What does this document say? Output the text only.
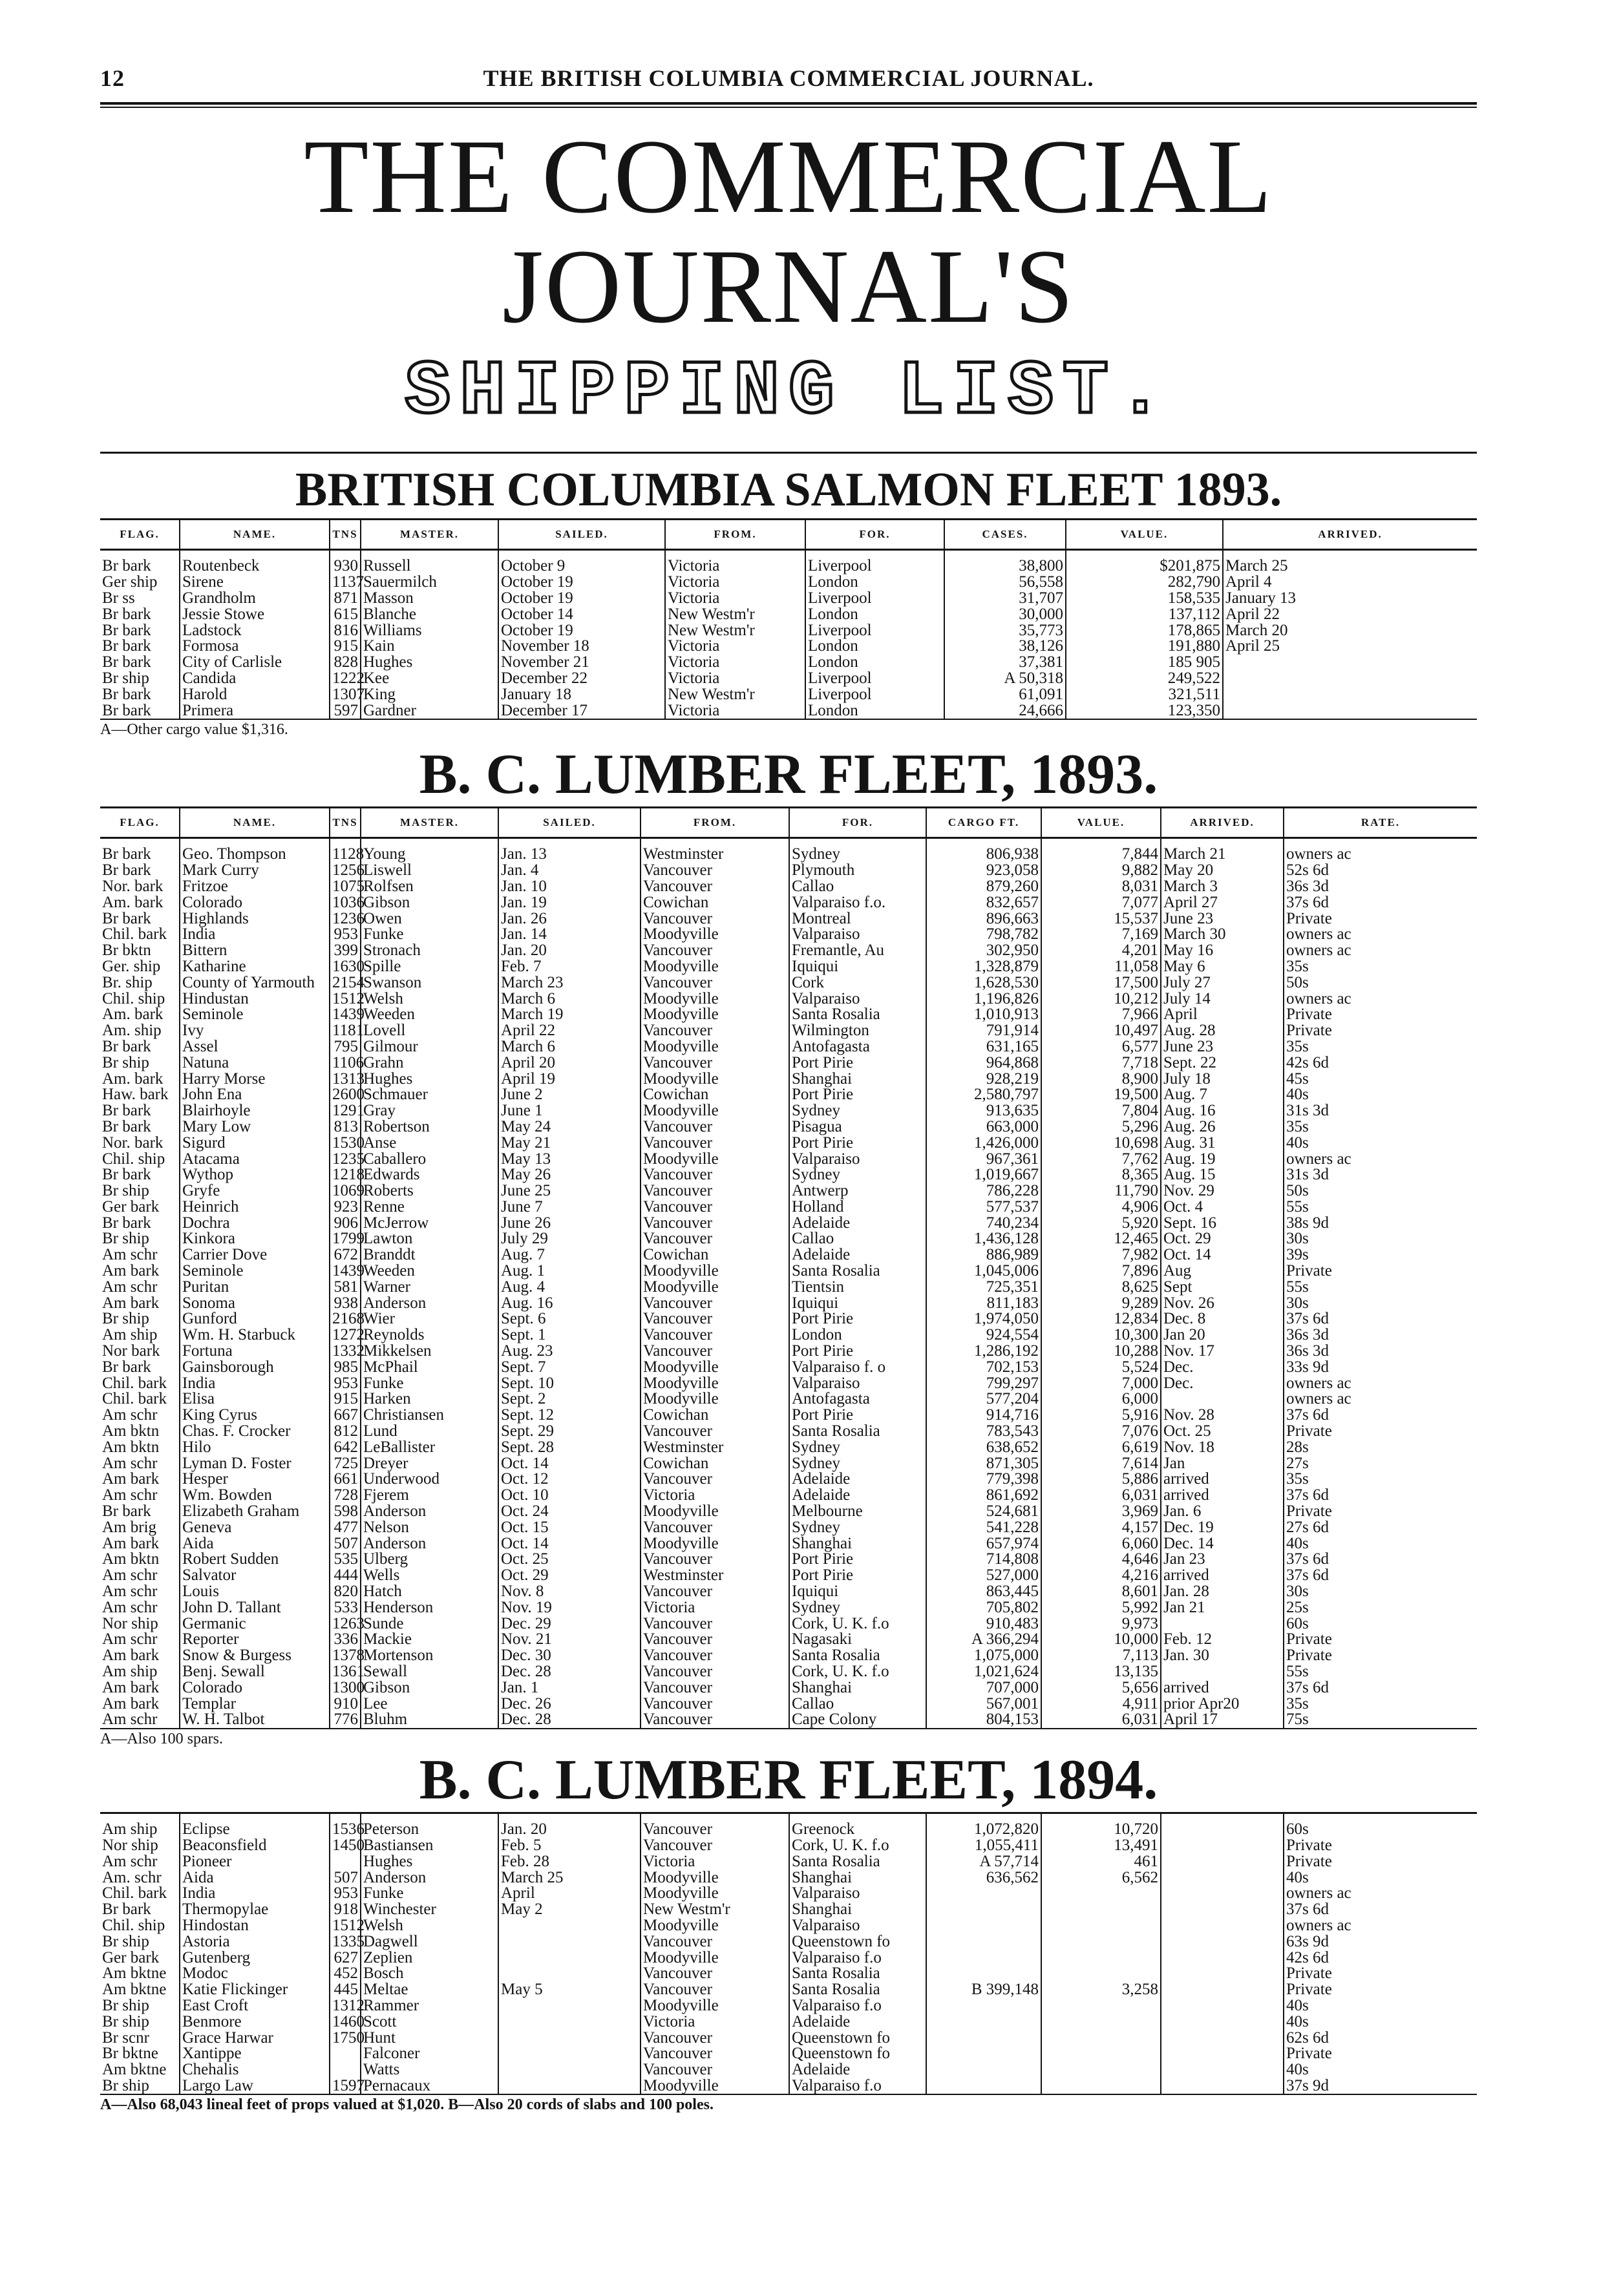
12	THE BRITISH COLUMBIA COMMERCIAL JOURNAL.
THE COMMERCIAL JOURNAL'S
SHIPPING LIST.
BRITISH COLUMBIA SALMON FLEET 1893.
FLAG.	NAME.	TNS	MASTER.	SAILED.	FROM.	FOR.	CASES.	VALUE.	ARRIVED.
Br bark	Routenbeck	930	Russell	October 9	Victoria	Liverpool	38,800	$201,875	March 25
Ger ship	Sirene	1137	Sauermilch	October 19	Victoria	London	56,558	282,790	April 4
Br ss	Grandholm	871	Masson	October 19	Victoria	Liverpool	31,707	158,535	January 13
Br bark	Jessie Stowe	615	Blanche	October 14	New Westm'r	London	30,000	137,112	April 22
Br bark	Ladstock	816	Williams	October 19	New Westm'r	Liverpool	35,773	178,865	March 20
Br bark	Formosa	915	Kain	November 18	Victoria	London	38,126	191,880	April 25
Br bark	City of Carlisle	828	Hughes	November 21	Victoria	London	37,381	185 905	
Br ship	Candida	1222	Kee	December 22	Victoria	Liverpool	A 50,318	249,522	
Br bark	Harold	1307	King	January 18	New Westm'r	Liverpool	61,091	321,511	
Br bark	Primera	597	Gardner	December 17	Victoria	London	24,666	123,350	
A—Other cargo value $1,316.
B. C. LUMBER FLEET, 1893.
FLAG.	NAME.	TNS	MASTER.	SAILED.	FROM.	FOR.	CARGO FT.	VALUE.	ARRIVED.	RATE.
Br bark	Geo. Thompson	1128	Young	Jan. 13	Westminster	Sydney	806,938	7,844	March 21	owners ac
Br bark	Mark Curry	1256	Liswell	Jan. 4	Vancouver	Plymouth	923,058	9,882	May 20	52s 6d
Nor. bark	Fritzoe	1075	Rolfsen	Jan. 10	Vancouver	Callao	879,260	8,031	March 3	36s 3d
Am. bark	Colorado	1036	Gibson	Jan. 19	Cowichan	Valparaiso f.o.	832,657	7,077	April 27	37s 6d
Br bark	Highlands	1236	Owen	Jan. 26	Vancouver	Montreal	896,663	15,537	June 23	Private
Chil. bark	India	953	Funke	Jan. 14	Moodyville	Valparaiso	798,782	7,169	March 30	owners ac
Br bktn	Bittern	399	Stronach	Jan. 20	Vancouver	Fremantle, Au	302,950	4,201	May 16	owners ac
Ger. ship	Katharine	1630	Spille	Feb. 7	Moodyville	Iquiqui	1,328,879	11,058	May 6	35s
Br. ship	County of Yarmouth	2154	Swanson	March 23	Vancouver	Cork	1,628,530	17,500	July 27	50s
Chil. ship	Hindustan	1512	Welsh	March 6	Moodyville	Valparaiso	1,196,826	10,212	July 14	owners ac
Am. bark	Seminole	1439	Weeden	March 19	Moodyville	Santa Rosalia	1,010,913	7,966	April	Private
Am. ship	Ivy	1181	Lovell	April 22	Vancouver	Wilmington	791,914	10,497	Aug. 28	Private
Br bark	Assel	795	Gilmour	March 6	Moodyville	Antofagasta	631,165	6,577	June 23	35s
Br ship	Natuna	1106	Grahn	April 20	Vancouver	Port Pirie	964,868	7,718	Sept. 22	42s 6d
Am. bark	Harry Morse	1313	Hughes	April 19	Moodyville	Shanghai	928,219	8,900	July 18	45s
Haw. bark	John Ena	2600	Schmauer	June 2	Cowichan	Port Pirie	2,580,797	19,500	Aug. 7	40s
Br bark	Blairhoyle	1291	Gray	June 1	Moodyville	Sydney	913,635	7,804	Aug. 16	31s 3d
Br bark	Mary Low	813	Robertson	May 24	Vancouver	Pisagua	663,000	5,296	Aug. 26	35s
Nor. bark	Sigurd	1530	Anse	May 21	Vancouver	Port Pirie	1,426,000	10,698	Aug. 31	40s
Chil. ship	Atacama	1235	Caballero	May 13	Moodyville	Valparaiso	967,361	7,762	Aug. 19	owners ac
Br bark	Wythop	1218	Edwards	May 26	Vancouver	Sydney	1,019,667	8,365	Aug. 15	31s 3d
Br ship	Gryfe	1069	Roberts	June 25	Vancouver	Antwerp	786,228	11,790	Nov. 29	50s
Ger bark	Heinrich	923	Renne	June 7	Vancouver	Holland	577,537	4,906	Oct. 4	55s
Br bark	Dochra	906	McJerrow	June 26	Vancouver	Adelaide	740,234	5,920	Sept. 16	38s 9d
Br ship	Kinkora	1799	Lawton	July 29	Vancouver	Callao	1,436,128	12,465	Oct. 29	30s
Am schr	Carrier Dove	672	Branddt	Aug. 7	Cowichan	Adelaide	886,989	7,982	Oct. 14	39s
Am bark	Seminole	1439	Weeden	Aug. 1	Moodyville	Santa Rosalia	1,045,006	7,896	Aug	Private
Am schr	Puritan	581	Warner	Aug. 4	Moodyville	Tientsin	725,351	8,625	Sept	55s
Am bark	Sonoma	938	Anderson	Aug. 16	Vancouver	Iquiqui	811,183	9,289	Nov. 26	30s
Br ship	Gunford	2168	Wier	Sept. 6	Vancouver	Port Pirie	1,974,050	12,834	Dec. 8	37s 6d
Am ship	Wm. H. Starbuck	1272	Reynolds	Sept. 1	Vancouver	London	924,554	10,300	Jan 20	36s 3d
Nor bark	Fortuna	1332	Mikkelsen	Aug. 23	Vancouver	Port Pirie	1,286,192	10,288	Nov. 17	36s 3d
Br bark	Gainsborough	985	McPhail	Sept. 7	Moodyville	Valparaiso f. o	702,153	5,524	Dec.	33s 9d
Chil. bark	India	953	Funke	Sept. 10	Moodyville	Valparaiso	799,297	7,000	Dec.	owners ac
Chil. bark	Elisa	915	Harken	Sept. 2	Moodyville	Antofagasta	577,204	6,000		owners ac
Am schr	King Cyrus	667	Christiansen	Sept. 12	Cowichan	Port Pirie	914,716	5,916	Nov. 28	37s 6d
Am bktn	Chas. F. Crocker	812	Lund	Sept. 29	Vancouver	Santa Rosalia	783,543	7,076	Oct. 25	Private
Am bktn	Hilo	642	LeBallister	Sept. 28	Westminster	Sydney	638,652	6,619	Nov. 18	28s
Am schr	Lyman D. Foster	725	Dreyer	Oct. 14	Cowichan	Sydney	871,305	7,614	Jan	27s
Am bark	Hesper	661	Underwood	Oct. 12	Vancouver	Adelaide	779,398	5,886	arrived	35s
Am schr	Wm. Bowden	728	Fjerem	Oct. 10	Victoria	Adelaide	861,692	6,031	arrived	37s 6d
Br bark	Elizabeth Graham	598	Anderson	Oct. 24	Moodyville	Melbourne	524,681	3,969	Jan. 6	Private
Am brig	Geneva	477	Nelson	Oct. 15	Vancouver	Sydney	541,228	4,157	Dec. 19	27s 6d
Am bark	Aida	507	Anderson	Oct. 14	Moodyville	Shanghai	657,974	6,060	Dec. 14	40s
Am bktn	Robert Sudden	535	Ulberg	Oct. 25	Vancouver	Port Pirie	714,808	4,646	Jan 23	37s 6d
Am schr	Salvator	444	Wells	Oct. 29	Westminster	Port Pirie	527,000	4,216	arrived	37s 6d
Am schr	Louis	820	Hatch	Nov. 8	Vancouver	Iquiqui	863,445	8,601	Jan. 28	30s
Am schr	John D. Tallant	533	Henderson	Nov. 19	Victoria	Sydney	705,802	5,992	Jan 21	25s
Nor ship	Germanic	1263	Sunde	Dec. 29	Vancouver	Cork, U. K. f.o	910,483	9,973		60s
Am schr	Reporter	336	Mackie	Nov. 21	Vancouver	Nagasaki	A 366,294	10,000	Feb. 12	Private
Am bark	Snow & Burgess	1378	Mortenson	Dec. 30	Vancouver	Santa Rosalia	1,075,000	7,113	Jan. 30	Private
Am ship	Benj. Sewall	1361	Sewall	Dec. 28	Vancouver	Cork, U. K. f.o	1,021,624	13,135		55s
Am bark	Colorado	1300	Gibson	Jan. 1	Vancouver	Shanghai	707,000	5,656	arrived	37s 6d
Am bark	Templar	910	Lee	Dec. 26	Vancouver	Callao	567,001	4,911	prior Apr20	35s
Am schr	W. H. Talbot	776	Bluhm	Dec. 28	Vancouver	Cape Colony	804,153	6,031	April 17	75s
A—Also 100 spars.
B. C. LUMBER FLEET, 1894.
Am ship	Eclipse	1536	Peterson	Jan. 20	Vancouver	Greenock	1,072,820	10,720		60s
Nor ship	Beaconsfield	1450	Bastiansen	Feb. 5	Vancouver	Cork, U. K. f.o	1,055,411	13,491		Private
Am schr	Pioneer		Hughes	Feb. 28	Victoria	Santa Rosalia	A 57,714	461		Private
Am. schr	Aida	507	Anderson	March 25	Moodyville	Shanghai	636,562	6,562		40s
Chil. bark	India	953	Funke	April	Moodyville	Valparaiso				owners ac
Br bark	Thermopylae	918	Winchester	May 2	New Westm'r	Shanghai				37s 6d
Chil. ship	Hindostan	1512	Welsh		Moodyville	Valparaiso				owners ac
Br ship	Astoria	1335	Dagwell		Vancouver	Queenstown fo				63s 9d
Ger bark	Gutenberg	627	Zeplien		Moodyville	Valparaiso f.o				42s 6d
Am bktne	Modoc	452	Bosch		Vancouver	Santa Rosalia				Private
Am bktne	Katie Flickinger	445	Meltae	May 5	Vancouver	Santa Rosalia	B 399,148	3,258		Private
Br ship	East Croft	1312	Rammer		Moodyville	Valparaiso f.o				40s
Br ship	Benmore	1460	Scott		Victoria	Adelaide				40s
Br scnr	Grace Harwar	1750	Hunt		Vancouver	Queenstown fo				62s 6d
Br bktne	Xantippe		Falconer		Vancouver	Queenstown fo				Private
Am bktne	Chehalis		Watts		Vancouver	Adelaide				40s
Br ship	Largo Law	1597	Pernacaux		Moodyville	Valparaiso f.o				37s 9d
A—Also 68,043 lineal feet of props valued at $1,020. B—Also 20 cords of slabs and 100 poles.
